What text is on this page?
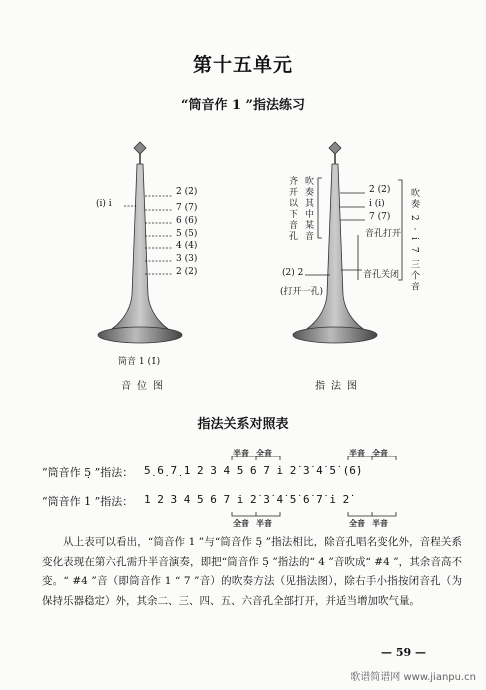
第十五单元
“筒音作 1 ”指法练习
(i̇) i
2̇ (2̇)
7 (7)
6 (6)
5 (5)
4 (4)
3 (3)
2 (2)
筒音 1 (1̇)
音位图
齐开以下音孔 吹奏其中某音	2̇ (2̇)
i (i)
7 (7)
音孔打开 吹奏 2̇ · i̇ 7 三个音
(2) 2
(打开一孔)
音孔关闭
指法图
指法关系对照表
“筒音作 5̣ ”指法： 5̣ 6̣ 7̣ 1 2 3 4 5 6 7 i̇ 2̇ 3̇ 4̇ 5̇ (6̇)
半音 全音	半音 全音
“筒音作 1 ”指法： 1 2 3 4 5 6 7 i̇ 2̇ 3̇ 4̇ 5̇ 6̇ 7̇ i̇̇ 2̇̇
全音 半音	全音 半音

从上表可以看出，“筒音作 1 ”与“筒音作 5̣ ”指法相比，除音孔唱名变化外，音程关系变化表现在第六孔需升半音演奏，即把“筒音作 5̣ ”指法的“ 4 ”音吹成“ #4 ”，其余音高不变。“ #4 ”音（即筒音作 1 “ 7 ”音）的吹奏方法（见指法图），除右手小指按闭音孔（为保持乐器稳定）外，其余二、三、四、五、六音孔全部打开，并适当增加吹气量。

— 59 —
歌谱简谱网 www.jianpu.cn
